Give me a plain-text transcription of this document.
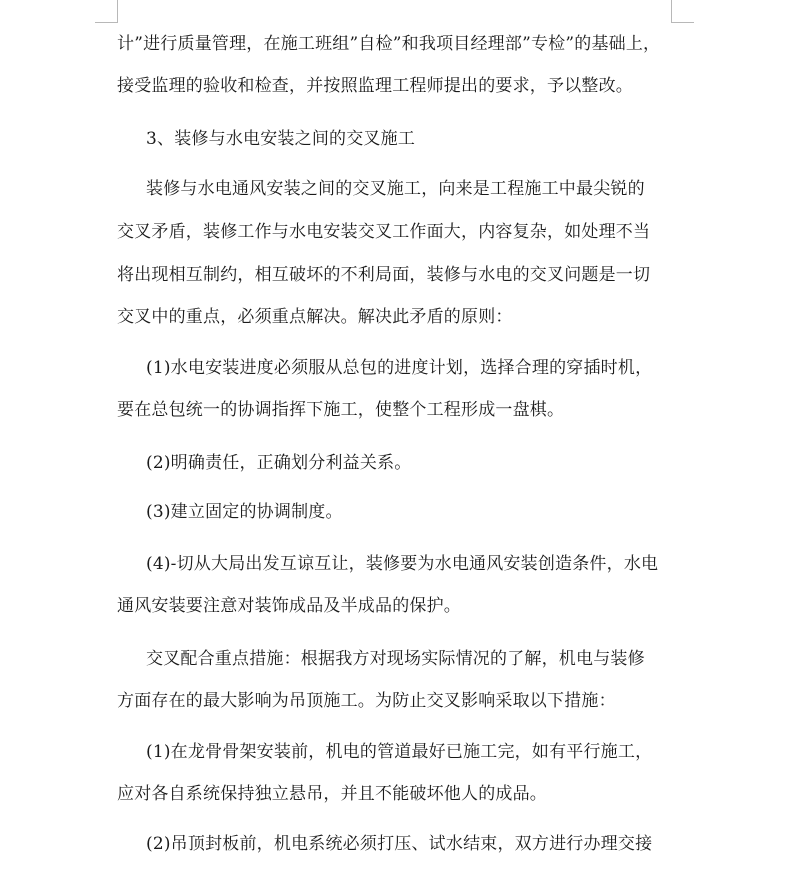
计”进行质量管理，在施工班组”自检”和我项目经理部”专检”的基础上，
接受监理的验收和检查，并按照监理工程师提出的要求，予以整改。
3、装修与水电安装之间的交叉施工
装修与水电通风安装之间的交叉施工，向来是工程施工中最尖锐的
交叉矛盾，装修工作与水电安装交叉工作面大，内容复杂，如处理不当
将出现相互制约，相互破坏的不利局面，装修与水电的交叉问题是一切
交叉中的重点，必须重点解决。解决此矛盾的原则：
(1)水电安装进度必须服从总包的进度计划，选择合理的穿插时机，
要在总包统一的协调指挥下施工，使整个工程形成一盘棋。
(2)明确责任，正确划分利益关系。
(3)建立固定的协调制度。
(4)-切从大局出发互谅互让，装修要为水电通风安装创造条件，水电
通风安装要注意对装饰成品及半成品的保护。
交叉配合重点措施：根据我方对现场实际情况的了解，机电与装修
方面存在的最大影响为吊顶施工。为防止交叉影响采取以下措施：
(1)在龙骨骨架安装前，机电的管道最好已施工完，如有平行施工，
应对各自系统保持独立悬吊，并且不能破坏他人的成品。
(2)吊顶封板前，机电系统必须打压、试水结束，双方进行办理交接
